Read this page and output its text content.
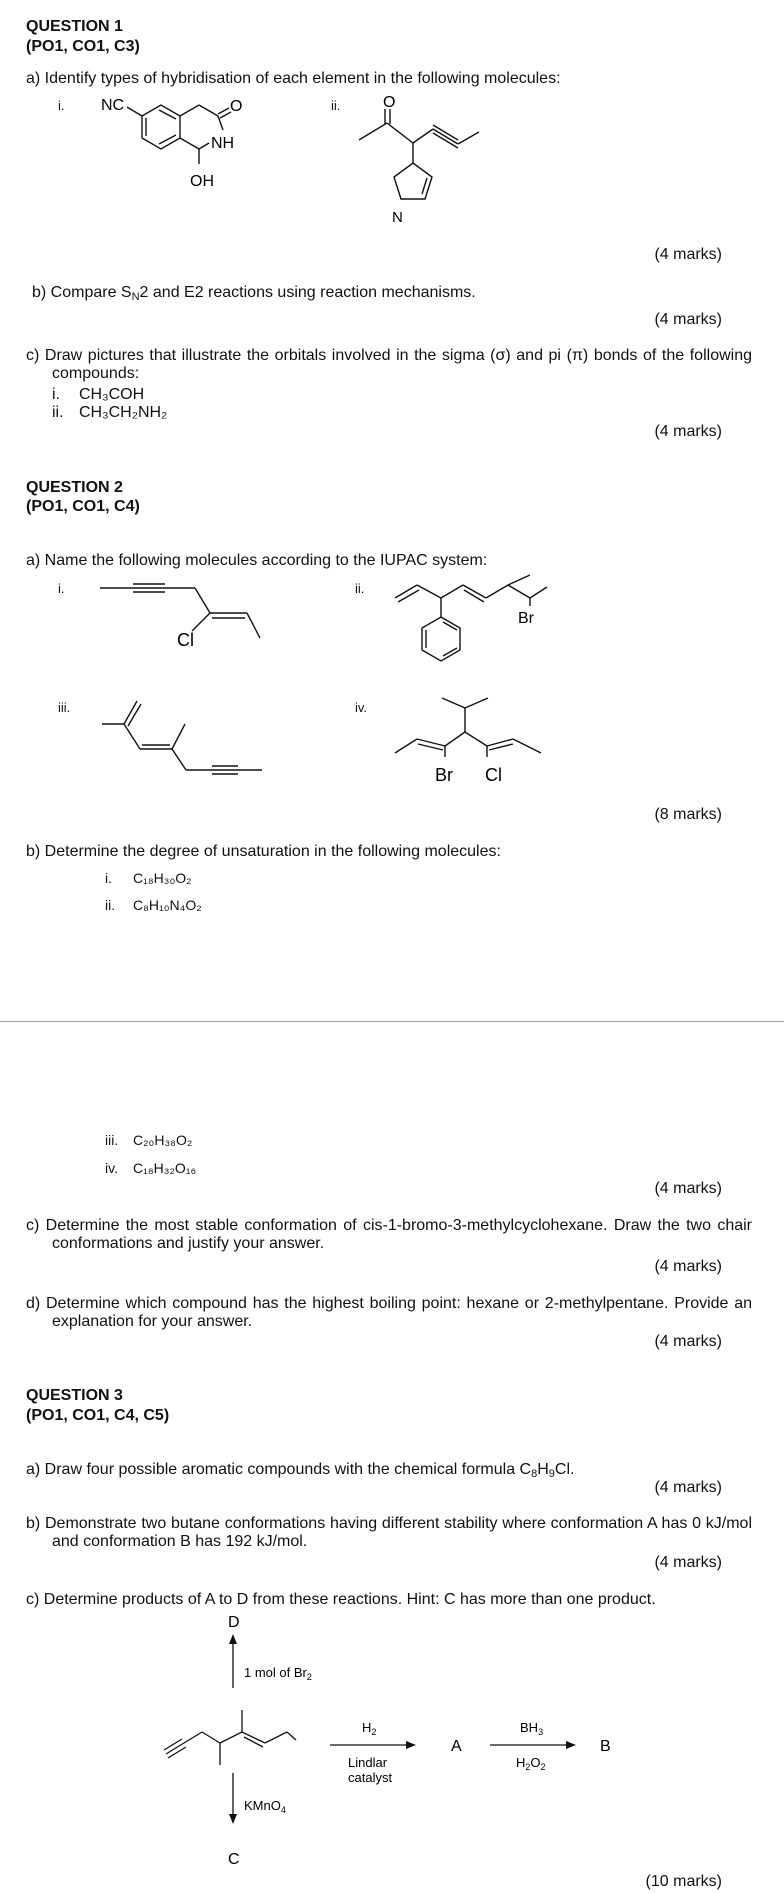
QUESTION 1
(PO1, CO1, C3)
a) Identify types of hybridisation of each element in the following molecules:
i.	ii.
NC	O
NH
OH
O
N
(4 marks)
b) Compare $S_N2$ and E2 reactions using reaction mechanisms.
(4 marks)
c) Draw pictures that illustrate the orbitals involved in the sigma (σ) and pi (π) bonds of the following compounds:
i. CH₃COH
ii. CH₃CH₂NH₂
(4 marks)
QUESTION 2
(PO1, CO1, C4)
a) Name the following molecules according to the IUPAC system:
i.	ii.
Cl
Br
iii.	iv.
Br Cl
(8 marks)
b) Determine the degree of unsaturation in the following molecules:
i. C₁₈H₃₀O₂
ii. C₈H₁₀N₄O₂
iii. C₂₀H₃₈O₂
iv. C₁₈H₃₂O₁₆
(4 marks)
c) Determine the most stable conformation of cis-1-bromo-3-methylcyclohexane. Draw the two chair conformations and justify your answer.
(4 marks)
d) Determine which compound has the highest boiling point: hexane or 2-methylpentane. Provide an explanation for your answer.
(4 marks)
QUESTION 3
(PO1, CO1, C4, C5)
a) Draw four possible aromatic compounds with the chemical formula $C_8H_9Cl$.
(4 marks)
b) Demonstrate two butane conformations having different stability where conformation A has 0 kJ/mol and conformation B has 192 kJ/mol.
(4 marks)
c) Determine products of A to D from these reactions. Hint: C has more than one product.
D
1 mol of $Br_2$
$H_2$
Lindlar
catalyst
A
$BH_3$
$H_2O_2$
B
KMnO$_4$
C
(10 marks)
